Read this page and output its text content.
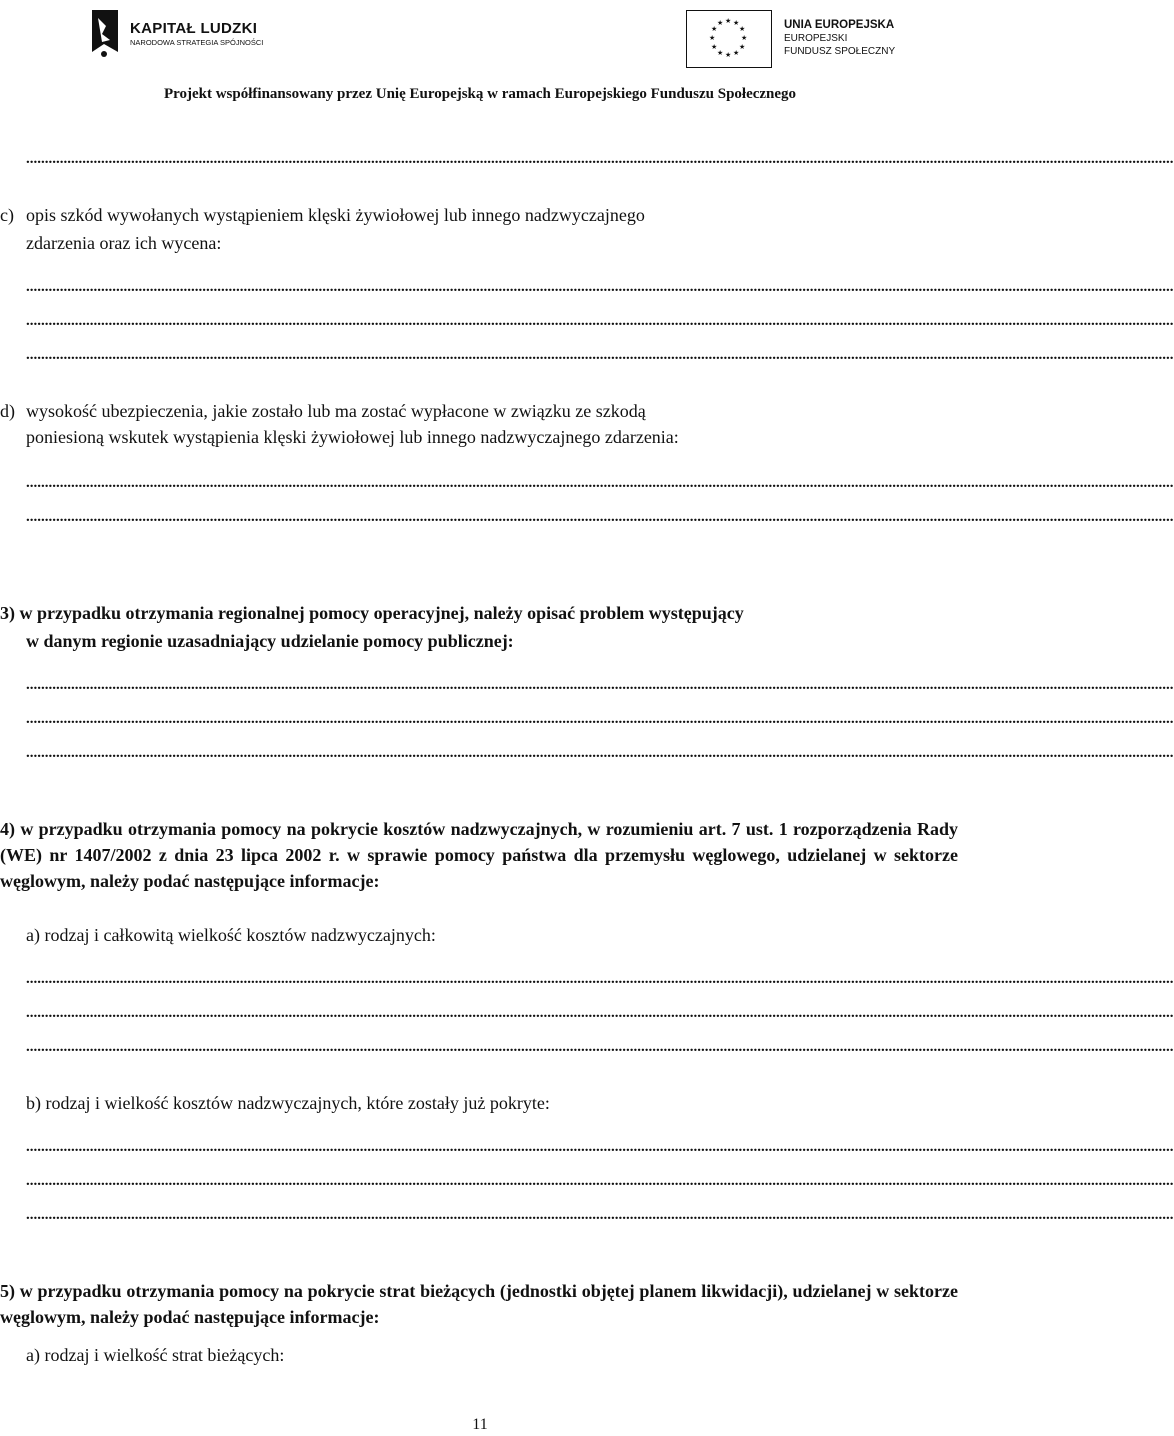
KAPITAŁ LUDZKI
NARODOWA STRATEGIA SPÓJNOŚCI
★ ★
★
★
★
★
★
★
★
★
★
★	UNIA EUROPEJSKA
EUROPEJSKI
FUNDUSZ SPOŁECZNY
Projekt współfinansowany przez Unię Europejską w ramach Europejskiego Funduszu Społecznego
..................................................................................................................................................................................................................................................................................................................
c) opis szkód wywołanych wystąpieniem klęski żywiołowej lub innego nadzwyczajnego
zdarzenia oraz ich wycena:
..................................................................................................................................................................................................................................................................................................................
..................................................................................................................................................................................................................................................................................................................
..................................................................................................................................................................................................................................................................................................................
d) wysokość ubezpieczenia, jakie zostało lub ma zostać wypłacone w związku ze szkodą
poniesioną wskutek wystąpienia klęski żywiołowej lub innego nadzwyczajnego zdarzenia:
..................................................................................................................................................................................................................................................................................................................
..................................................................................................................................................................................................................................................................................................................
3) w przypadku otrzymania regionalnej pomocy operacyjnej, należy opisać problem występujący
w danym regionie uzasadniający udzielanie pomocy publicznej:
..................................................................................................................................................................................................................................................................................................................
..................................................................................................................................................................................................................................................................................................................
..................................................................................................................................................................................................................................................................................................................
4) w przypadku otrzymania pomocy na pokrycie kosztów nadzwyczajnych, w rozumieniu art. 7 ust. 1 rozporządzenia Rady (WE) nr 1407/2002 z dnia 23 lipca 2002 r. w sprawie pomocy państwa dla przemysłu węglowego, udzielanej w sektorze węglowym, należy podać następujące informacje:
a) rodzaj i całkowitą wielkość kosztów nadzwyczajnych:
..................................................................................................................................................................................................................................................................................................................
..................................................................................................................................................................................................................................................................................................................
..................................................................................................................................................................................................................................................................................................................
b) rodzaj i wielkość kosztów nadzwyczajnych, które zostały już pokryte:
..................................................................................................................................................................................................................................................................................................................
..................................................................................................................................................................................................................................................................................................................
..................................................................................................................................................................................................................................................................................................................
5) w przypadku otrzymania pomocy na pokrycie strat bieżących (jednostki objętej planem likwidacji), udzielanej w sektorze węglowym, należy podać następujące informacje:
a) rodzaj i wielkość strat bieżących:
11
